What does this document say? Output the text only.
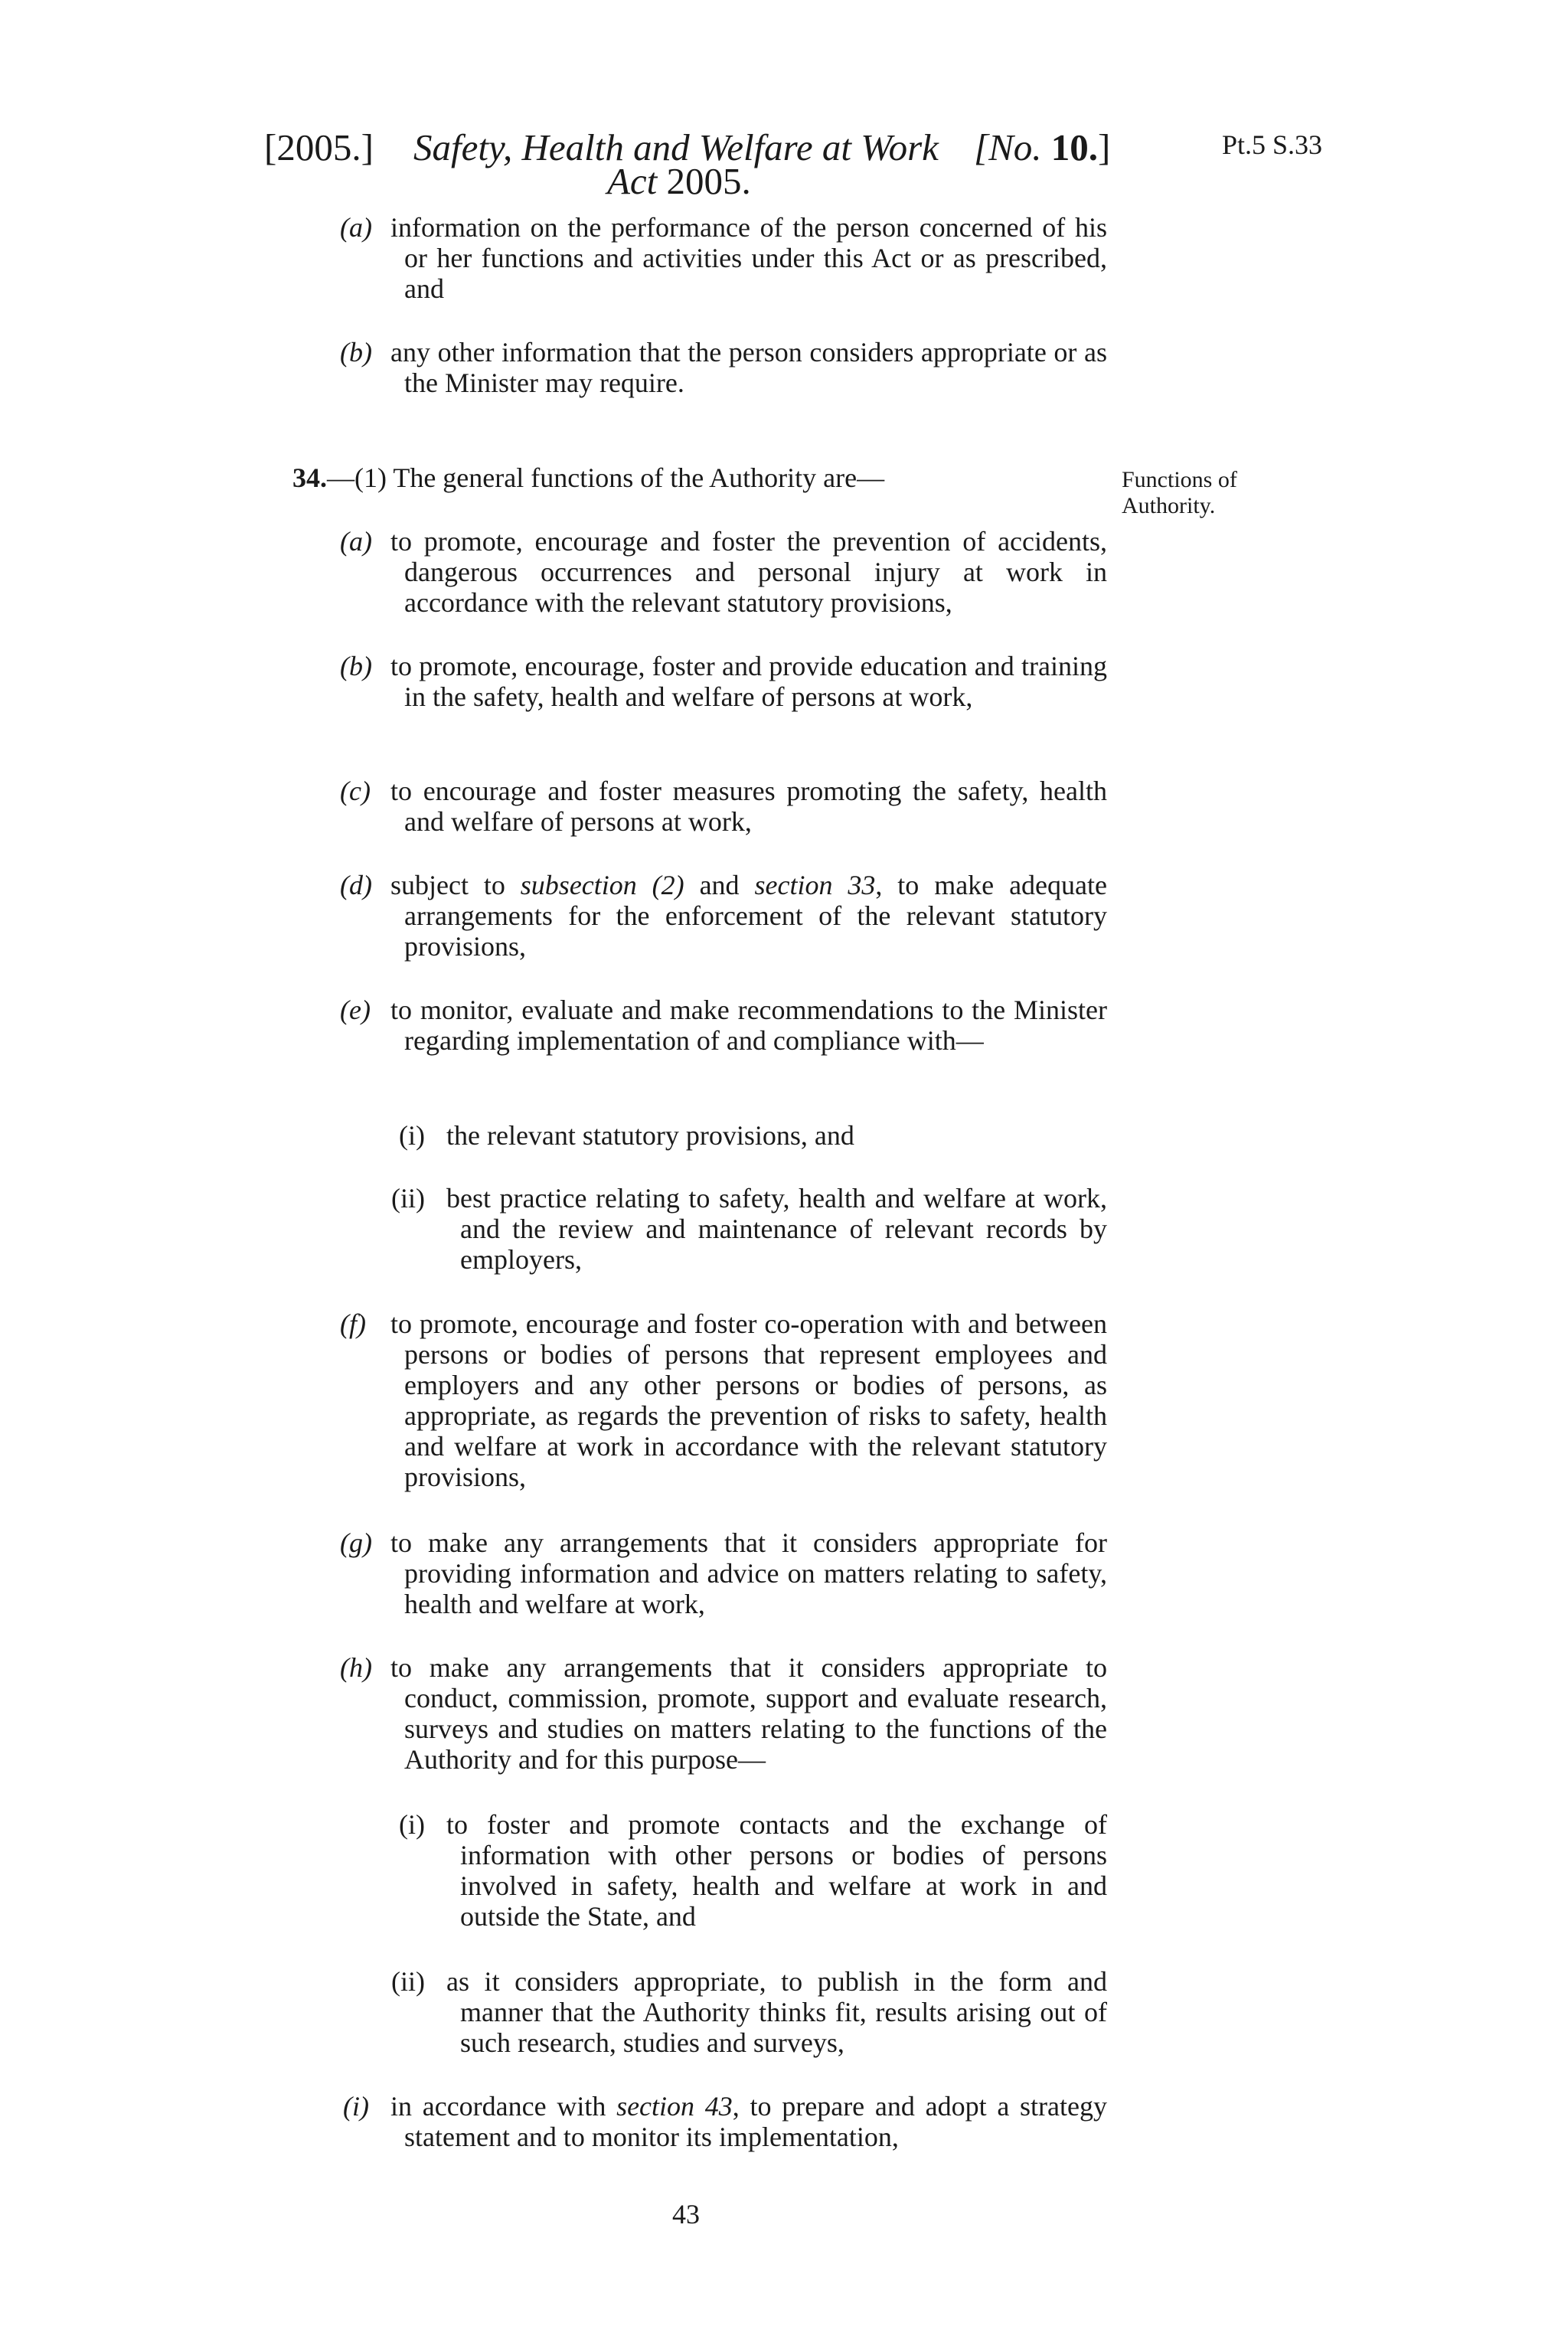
[2005.] Safety, Health and Welfare at Work [No. 10.]
Act 2005.
Pt.5 S.33
(a) information on the performance of the person concerned of his or her functions and activities under this Act or as prescribed, and
(b) any other information that the person considers appropriate or as the Minister may require.
34.—(1) The general functions of the Authority are—	Functions of Authority.
(a) to promote, encourage and foster the prevention of accidents, dangerous occurrences and personal injury at work in accordance with the relevant statutory provisions,
(b) to promote, encourage, foster and provide education and training in the safety, health and welfare of persons at work,
(c) to encourage and foster measures promoting the safety, health and welfare of persons at work,
(d) subject to subsection (2) and section 33, to make adequate arrangements for the enforcement of the relevant statutory provisions,
(e) to monitor, evaluate and make recommendations to the Minister regarding implementation of and compliance with—
(i) the relevant statutory provisions, and
(ii) best practice relating to safety, health and welfare at work, and the review and maintenance of relevant records by employers,
(f) to promote, encourage and foster co-operation with and between persons or bodies of persons that represent employees and employers and any other persons or bodies of persons, as appropriate, as regards the prevention of risks to safety, health and welfare at work in accordance with the relevant statutory provisions,
(g) to make any arrangements that it considers appropriate for providing information and advice on matters relating to safety, health and welfare at work,
(h) to make any arrangements that it considers appropriate to conduct, commission, promote, support and evaluate research, surveys and studies on matters relating to the functions of the Authority and for this purpose—
(i) to foster and promote contacts and the exchange of information with other persons or bodies of persons involved in safety, health and welfare at work in and outside the State, and
(ii) as it considers appropriate, to publish in the form and manner that the Authority thinks fit, results arising out of such research, studies and surveys,
(i) in accordance with section 43, to prepare and adopt a strategy statement and to monitor its implementation,
43
